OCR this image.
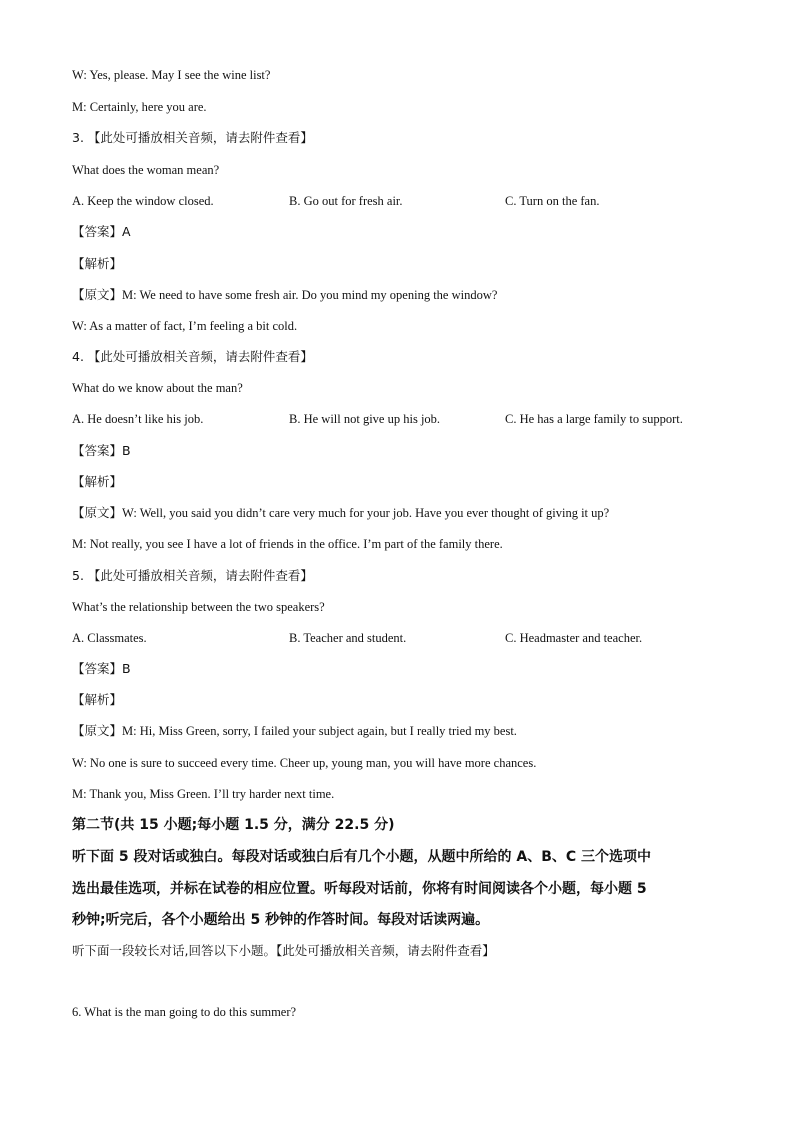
W: Yes, please. May I see the wine list?
M: Certainly, here you are.
3. 【此处可播放相关音频，请去附件查看】
What does the woman mean?
A. Keep the window closed.	B. Go out for fresh air.	C. Turn on the fan.
【答案】A
【解析】
【原文】M: We need to have some fresh air. Do you mind my opening the window?
W: As a matter of fact, I’m feeling a bit cold.
4. 【此处可播放相关音频，请去附件查看】
What do we know about the man?
A. He doesn’t like his job.	B. He will not give up his job.	C. He has a large family to support.
【答案】B
【解析】
【原文】W: Well, you said you didn’t care very much for your job. Have you ever thought of giving it up?
M: Not really, you see I have a lot of friends in the office. I’m part of the family there.
5. 【此处可播放相关音频，请去附件查看】
What’s the relationship between the two speakers?
A. Classmates.	B. Teacher and student.	C. Headmaster and teacher.
【答案】B
【解析】
【原文】M: Hi, Miss Green, sorry, I failed your subject again, but I really tried my best.
W: No one is sure to succeed every time. Cheer up, young man, you will have more chances.
M: Thank you, Miss Green. I’ll try harder next time.
第二节(共 15 小题;每小题 1.5 分，满分 22.5 分)
听下面 5 段对话或独白。每段对话或独白后有几个小题，从题中所给的 A、B、C 三个选项中
选出最佳选项，并标在试卷的相应位置。听每段对话前，你将有时间阅读各个小题，每小题 5
秒钟;听完后，各个小题给出 5 秒钟的作答时间。每段对话读两遍。
听下面一段较长对话,回答以下小题。【此处可播放相关音频，请去附件查看】
6. What is the man going to do this summer?
